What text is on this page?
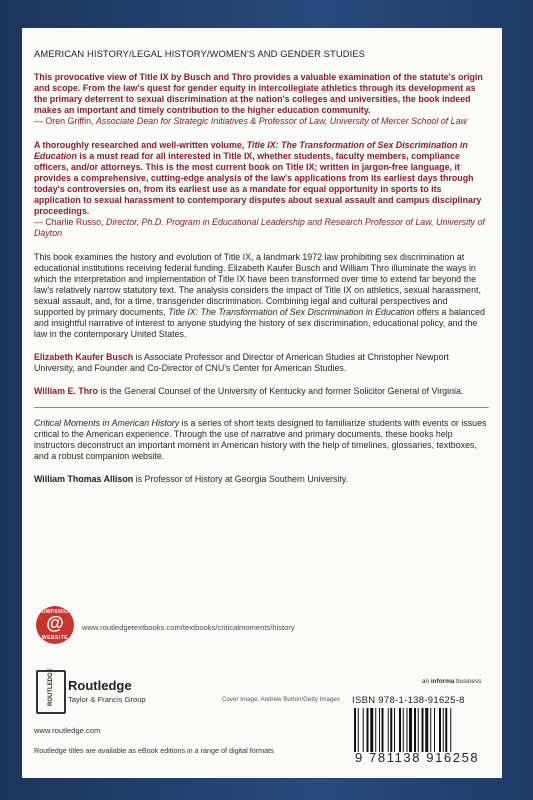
AMERICAN HISTORY/LEGAL HISTORY/WOMEN'S AND GENDER STUDIES

This provocative view of Title IX by Busch and Thro provides a valuable examination of the statute's origin and scope. From the law's quest for gender equity in intercollegiate athletics through its development as the primary deterrent to sexual discrimination at the nation's colleges and universities, the book indeed makes an important and timely contribution to the higher education community.

— Oren Griffin, Associate Dean for Strategic Initiatives & Professor of Law, University of Mercer School of Law

A thoroughly researched and well-written volume, Title IX: The Transformation of Sex Discrimination in Education is a must read for all interested in Title IX, whether students, faculty members, compliance officers, and/or attorneys. This is the most current book on Title IX; written in jargon-free language, it provides a comprehensive, cutting-edge analysis of the law's applications from its earliest days through today's controversies on, from its earliest use as a mandate for equal opportunity in sports to its application to sexual harassment to contemporary disputes about sexual assault and campus disciplinary proceedings.

— Charlie Russo, Director, Ph.D. Program in Educational Leadership and Research Professor of Law, University of Dayton

This book examines the history and evolution of Title IX, a landmark 1972 law prohibiting sex discrimination at educational institutions receiving federal funding. Elizabeth Kaufer Busch and William Thro illuminate the ways in which the interpretation and implementation of Title IX have been transformed over time to extend far beyond the law's relatively narrow statutory text. The analysis considers the impact of Title IX on athletics, sexual harassment, sexual assault, and, for a time, transgender discrimination. Combining legal and cultural perspectives and supported by primary documents, Title IX: The Transformation of Sex Discrimination in Education offers a balanced and insightful narrative of interest to anyone studying the history of sex discrimination, educational policy, and the law in the contemporary United States.

Elizabeth Kaufer Busch is Associate Professor and Director of American Studies at Christopher Newport University, and Founder and Co-Director of CNU's Center for American Studies.

William E. Thro is the General Counsel of the University of Kentucky and former Solicitor General of Virginia.

Critical Moments in American History is a series of short texts designed to familiarize students with events or issues critical to the American experience. Through the use of narrative and primary documents, these books help instructors deconstruct an important moment in American history with the help of timelines, glossaries, textboxes, and a robust companion website.

William Thomas Allison is Professor of History at Georgia Southern University.

COMPANION
@
WEBSITE
www.routledgetextbooks.com/textbooks/criticalmoments/history
ROUTLEDGE Routledge
Taylor & Francis Group	Cover Image: Andrew Burton/Getty Images
an informa business
ISBN 978-1-138-91625-8
9 781138 916258
www.routledge.com
Routledge titles are available as eBook editions in a range of digital formats
